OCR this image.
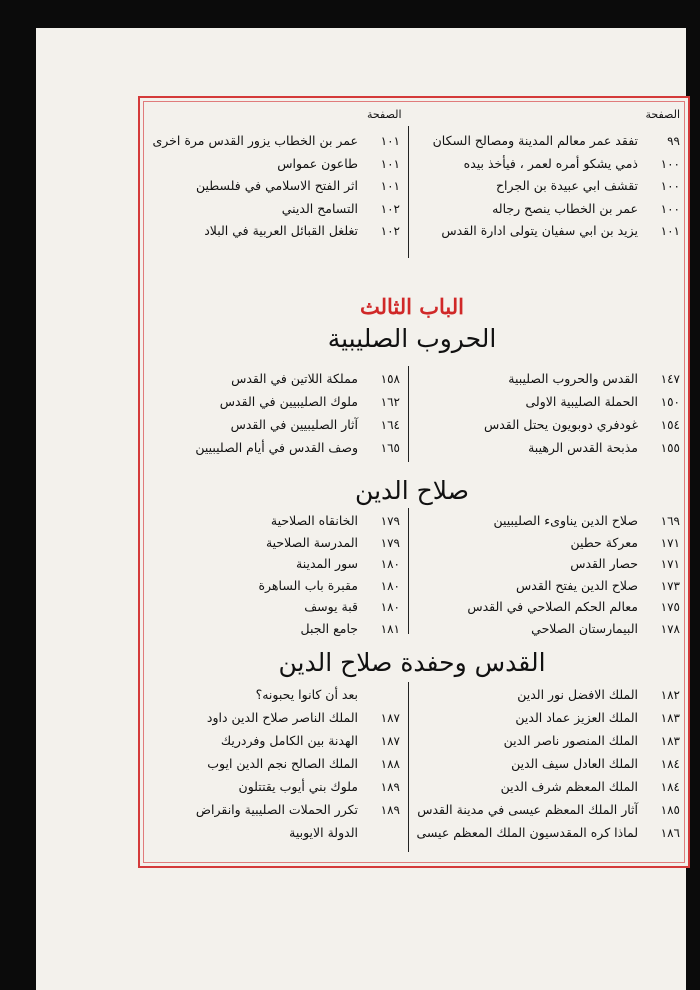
الصفحة
الصفحة
الباب الثالث
الحروب الصليبية
صلاح الدين
القدس وحفدة صلاح الدين
٩٩تفقد عمر معالم المدينة ومصالح السكان
١٠٠ذمي يشكو أمره لعمر ، فيأخذ بيده
١٠٠تقشف ابي عبيدة بن الجراح
١٠٠عمر بن الخطاب ينصح رجاله
١٠١يزيد بن ابي سفيان يتولى ادارة القدس
١٠١عمر بن الخطاب يزور القدس مرة اخرى
١٠١طاعون عمواس
١٠١اثر الفتح الاسلامي في فلسطين
١٠٢التسامح الديني
١٠٢تغلغل القبائل العربية في البلاد
١٤٧القدس والحروب الصليبية
١٥٠الحملة الصليبية الاولى
١٥٤غودفري دوبويون يحتل القدس
١٥٥مذبحة القدس الرهيبة
١٥٨مملكة اللاتين في القدس
١٦٢ملوك الصليبيين في القدس
١٦٤آثار الصليبيين في القدس
١٦٥وصف القدس في أيام الصليبيين
١٦٩صلاح الدين يناوىء الصليبيين
١٧١معركة حطين
١٧١حصار القدس
١٧٣صلاح الدين يفتح القدس
١٧٥معالم الحكم الصلاحي في القدس
١٧٨البيمارستان الصلاحي
١٧٩الخانقاه الصلاحية
١٧٩المدرسة الصلاحية
١٨٠سور المدينة
١٨٠مقبرة باب الساهرة
١٨٠قبة يوسف
١٨١جامع الجبل
١٨٢الملك الافضل نور الدين
١٨٣الملك العزيز عماد الدين
١٨٣الملك المنصور ناصر الدين
١٨٤الملك العادل سيف الدين
١٨٤الملك المعظم شرف الدين
١٨٥آثار الملك المعظم عيسى في مدينة القدس
١٨٦لماذا كره المقدسيون الملك المعظم عيسى
بعد أن كانوا يحبونه؟
١٨٧الملك الناصر صلاح الدين داود
١٨٧الهدنة بين الكامل وفردريك
١٨٨الملك الصالح نجم الدين ايوب
١٨٩ملوك بني أيوب يقتتلون
١٨٩تكرر الحملات الصليبية وانقراض
الدولة الايوبية
